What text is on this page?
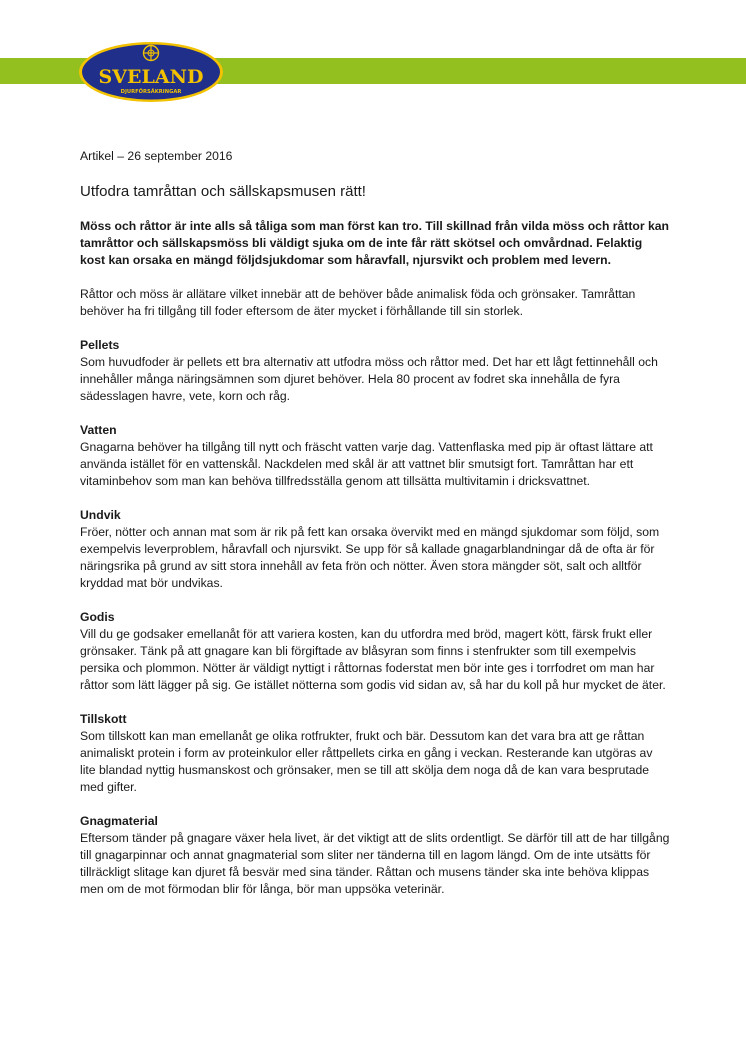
SVELAND
DJURFÖRSÄKRINGAR
Artikel – 26 september 2016
Utfodra tamråttan och sällskapsmusen rätt!

Möss och råttor är inte alls så tåliga som man först kan tro. Till skillnad från vilda möss och råttor kan tamråttor och sällskapsmöss bli väldigt sjuka om de inte får rätt skötsel och omvårdnad. Felaktig kost kan orsaka en mängd följdsjukdomar som håravfall, njursvikt och problem med levern.

Råttor och möss är allätare vilket innebär att de behöver både animalisk föda och grönsaker. Tamråttan behöver ha fri tillgång till foder eftersom de äter mycket i förhållande till sin storlek.

Pellets

Som huvudfoder är pellets ett bra alternativ att utfodra möss och råttor med. Det har ett lågt fettinnehåll och innehåller många näringsämnen som djuret behöver. Hela 80 procent av fodret ska innehålla de fyra sädesslagen havre, vete, korn och råg.

Vatten

Gnagarna behöver ha tillgång till nytt och fräscht vatten varje dag. Vattenflaska med pip är oftast lättare att använda istället för en vattenskål. Nackdelen med skål är att vattnet blir smutsigt fort. Tamråttan har ett vitaminbehov som man kan behöva tillfredsställa genom att tillsätta multivitamin i dricksvattnet.

Undvik

Fröer, nötter och annan mat som är rik på fett kan orsaka övervikt med en mängd sjukdomar som följd, som exempelvis leverproblem, håravfall och njursvikt. Se upp för så kallade gnagarblandningar då de ofta är för näringsrika på grund av sitt stora innehåll av feta frön och nötter. Även stora mängder söt, salt och alltför kryddad mat bör undvikas.

Godis

Vill du ge godsaker emellanåt för att variera kosten, kan du utfordra med bröd, magert kött, färsk frukt eller grönsaker. Tänk på att gnagare kan bli förgiftade av blåsyran som finns i stenfrukter som till exempelvis persika och plommon. Nötter är väldigt nyttigt i råttornas foderstat men bör inte ges i torrfodret om man har råttor som lätt lägger på sig. Ge istället nötterna som godis vid sidan av, så har du koll på hur mycket de äter.

Tillskott

Som tillskott kan man emellanåt ge olika rotfrukter, frukt och bär. Dessutom kan det vara bra att ge råttan animaliskt protein i form av proteinkulor eller råttpellets cirka en gång i veckan. Resterande kan utgöras av lite blandad nyttig husmanskost och grönsaker, men se till att skölja dem noga då de kan vara besprutade med gifter.

Gnagmaterial

Eftersom tänder på gnagare växer hela livet, är det viktigt att de slits ordentligt. Se därför till att de har tillgång till gnagarpinnar och annat gnagmaterial som sliter ner tänderna till en lagom längd. Om de inte utsätts för tillräckligt slitage kan djuret få besvär med sina tänder. Råttan och musens tänder ska inte behöva klippas men om de mot förmodan blir för långa, bör man uppsöka veterinär.
